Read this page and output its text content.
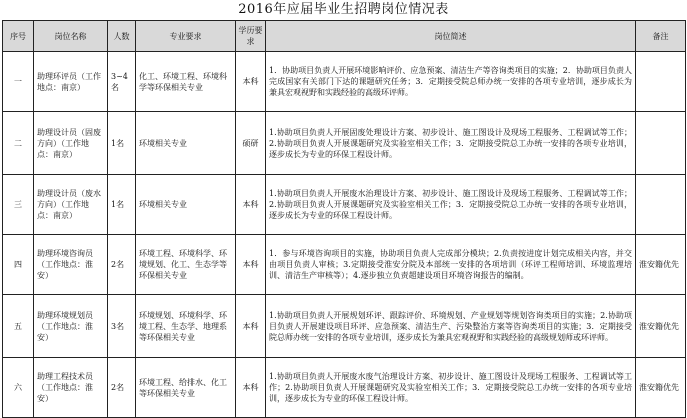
2016年应届毕业生招聘岗位情况表
序号	岗位名称	人数	专业要求	学历要求	岗位简述	备注
一	助理环评员（工作地点：南京）	3~4名	化工、环境工程、环境科学等环保相关专业	本科	1．协助项目负责人开展环境影响评价、应急预案、清洁生产等咨询类项目的实施；2．协助项目负责人完成国家有关部门下达的课题研究任务；3．定期接受院总师办统一安排的各项专业培训，逐步成长为兼具宏观视野和实践经验的高级环评师。	
二	助理设计员（固废方向）（工作地点：南京）	1名	环境相关专业	硕研	1.协助项目负责人开展固废处理设计方案、初步设计、施工图设计及现场工程服务、工程调试等工作；2.协助项目负责人开展课题研究及实验室相关工作；3．定期接受院总工办统一安排的各项专业培训，逐步成长为专业的环保工程设计师。	
三	助理设计员（废水方向）（工作地点：南京）	1名	环境相关专业	本科	1.协助项目负责人开展废水治理设计方案、初步设计、施工图设计及现场工程服务、工程调试等工作；2.协助项目负责人开展课题研究及实验室相关工作；3．定期接受院总工办统一安排的各项专业培训，逐步成长为专业的环保工程设计师。	
四	助理环境咨询员（工作地点：淮安）	2名	环境工程、环境科学、环境规划、化工、生态学等环保相关专业	本科	1．参与环境咨询项目的实施，协助项目负责人完成部分模块；2.负责按进度计划完成相关内容，并交由项目负责人审核；3.定期接受淮安分院及本部统一安排的各项培训（环评工程师培训、环境监理培训、清洁生产审核等）；4.逐步独立负责超建设项目环境咨询报告的编制。	淮安籍优先
五	助理环境规划员（工作地点：淮安）	3名	环境规划、环境科学、环境工程、生态学、地理系等环保相关专业	本科	1.协助项目负责人开展规划环评、跟踪评价、环境规划、产业规划等规划咨询类项目的实施；2.协助项目负责人开展建设项目环评、应急预案、清洁生产、污染整治方案等咨询类项目的实施；3．定期接受院总师办统一安排的各项专业培训，逐步成长为兼具宏观视野和实践经验的高级规划师或环评师。	淮安籍优先
六	助理工程技术员（工作地点：淮安）	2名	环境工程、给排水、化工等环保相关专业	本科	1.协助项目负责人开展废水废气治理设计方案、初步设计、施工图设计及现场工程服务、工程调试等工作；2.协助项目负责人开展课题研究及实验室相关工作；3．定期接受院总工办统一安排的各项专业培训，逐步成长为专业的环保工程设计师。	淮安籍优先
